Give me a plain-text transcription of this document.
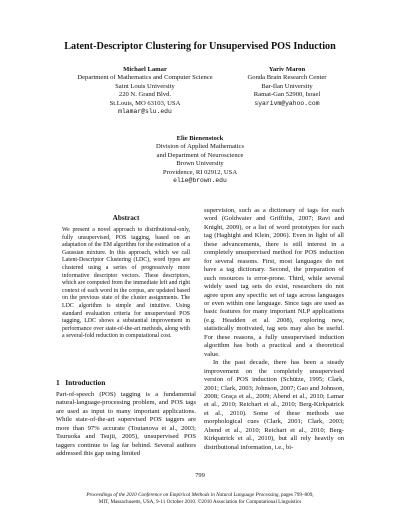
Latent-Descriptor Clustering for Unsupervised POS Induction
Michael Lamar
Department of Mathematics and Computer Science
Saint Louis University
220 N. Grand Blvd.
St.Louis, MO 63103, USA
mlamar@slu.edu
Yariv Maron
Gonda Brain Research Center
Bar-Ilan University
Ramat-Gan 52900, Israel
syarivm@yahoo.com
Elie Bienenstock
Division of Applied Mathematics
and Department of Neuroscience
Brown University
Providence, RI 02912, USA
elie@brown.edu
Abstract
We present a novel approach to distributional-only, fully unsupervised, POS tagging, based on an adaptation of the EM algorithm for the estimation of a Gaussian mixture. In this approach, which we call Latent-Descriptor Clustering (LDC), word types are clustered using a series of progressively more informative descriptor vectors. These descriptors, which are computed from the immediate left and right context of each word in the corpus, are updated based on the previous state of the cluster assignments. The LDC algorithm is simple and intuitive. Using standard evaluation criteria for unsupervised POS tagging, LDC shows a substantial improvement in performance over state-of-the-art methods, along with a several-fold reduction in computational cost.
1   Introduction
Part-of-speech (POS) tagging is a fundamental natural-language-processing problem, and POS tags are used as input to many important applications. While state-of-the-art supervised POS taggers are more than 97% accurate (Toutanova et al., 2003; Tsuruoka and Tsujii, 2005), unsupervised POS taggers continue to lag far behind. Several authors addressed this gap using limited

supervision, such as a dictionary of tags for each word (Goldwater and Griffiths, 2007; Ravi and Knight, 2009), or a list of word prototypes for each tag (Haghighi and Klein, 2006). Even in light of all these advancements, there is still interest in a completely unsupervised method for POS induction for several reasons. First, most languages do not have a tag dictionary. Second, the preparation of such resources is error-prone. Third, while several widely used tag sets do exist, researchers do not agree upon any specific set of tags across languages or even within one language. Since tags are used as basic features for many important NLP applications (e.g. Headden et al. 2008), exploring new, statistically motivated, tag sets may also be useful. For these reasons, a fully unsupervised induction algorithm has both a practical and a theoretical value.

In the past decade, there has been a steady improvement on the completely unsupervised version of POS induction (Schütze, 1995; Clark, 2001; Clark, 2003; Johnson, 2007; Gao and Johnson, 2008; Graça et al., 2009; Abend et al., 2010; Lamar et al., 2010; Reichart et al., 2010; Berg-Kirkpatrick et al., 2010). Some of these methods use morphological cues (Clark, 2001; Clark, 2003; Abend et al., 2010; Reichart et al., 2010; Berg-Kirkpatrick et al., 2010), but all rely heavily on distributional information, i.e., bi-

799
Proceedings of the 2010 Conference on Empirical Methods in Natural Language Processing, pages 799–809,
MIT, Massachusetts, USA, 9-11 October 2010. ©2010 Association for Computational Linguistics
